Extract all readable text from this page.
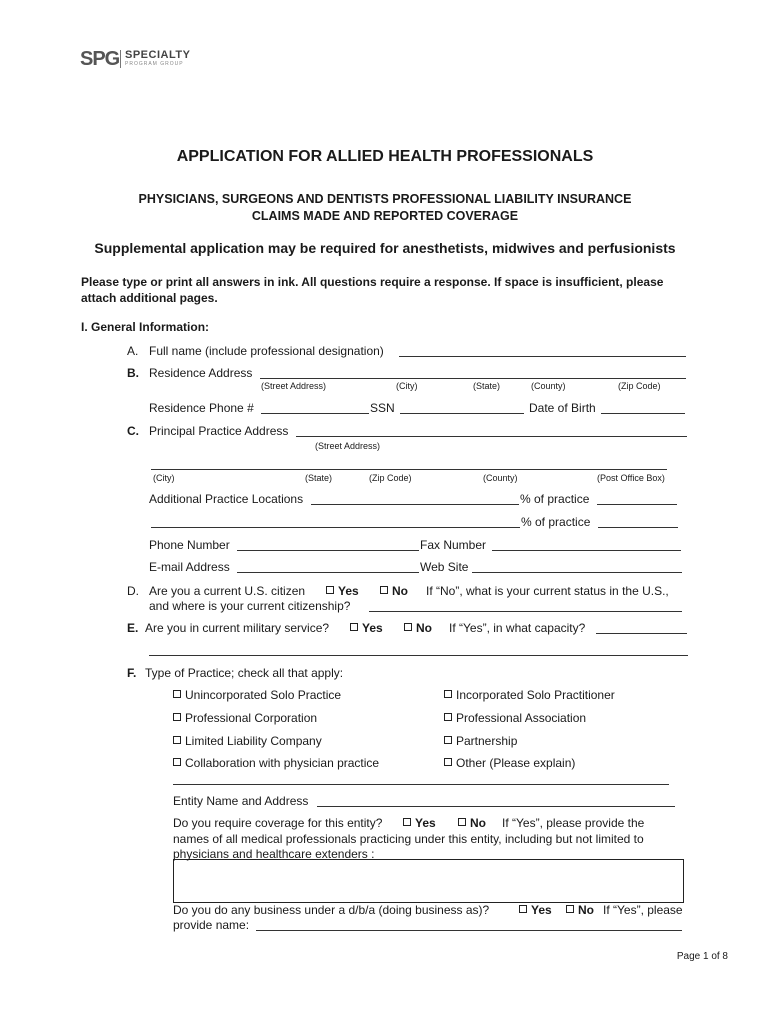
SPG SPECIALTY
PROGRAM GROUP
APPLICATION FOR ALLIED HEALTH PROFESSIONALS
PHYSICIANS, SURGEONS AND DENTISTS PROFESSIONAL LIABILITY INSURANCE
CLAIMS MADE AND REPORTED COVERAGE
Supplemental application may be required for anesthetists, midwives and perfusionists
Please type or print all answers in ink. All questions require a response. If space is insufficient, please attach additional pages.
I. General Information:
A. Full name (include professional designation)
B. Residence Address
(Street Address)	(City)	(State)	(County)	(Zip Code)
Residence Phone #	SSN	Date of Birth
C. Principal Practice Address
(Street Address)
(City)	(State)	(Zip Code)	(County)	(Post Office Box)
Additional Practice Locations	% of practice
% of practice
Phone Number	Fax Number
E-mail Address	Web Site
D. Are you a current U.S. citizen	Yes	No If “No”, what is your current status in the U.S.,
and where is your current citizenship?
E. Are you in current military service?	Yes	No If “Yes”, in what capacity?
F. Type of Practice; check all that apply:
Unincorporated Solo Practice	Incorporated Solo Practitioner
Professional Corporation	Professional Association
Limited Liability Company	Partnership
Collaboration with physician practice	Other (Please explain)
Entity Name and Address
Do you require coverage for this entity?	Yes	No If “Yes”, please provide the
names of all medical professionals practicing under this entity, including but not limited to
physicians and healthcare extenders :
Do you do any business under a d/b/a (doing business as)?	Yes	No If “Yes”, please
provide name:
Page 1 of 8
